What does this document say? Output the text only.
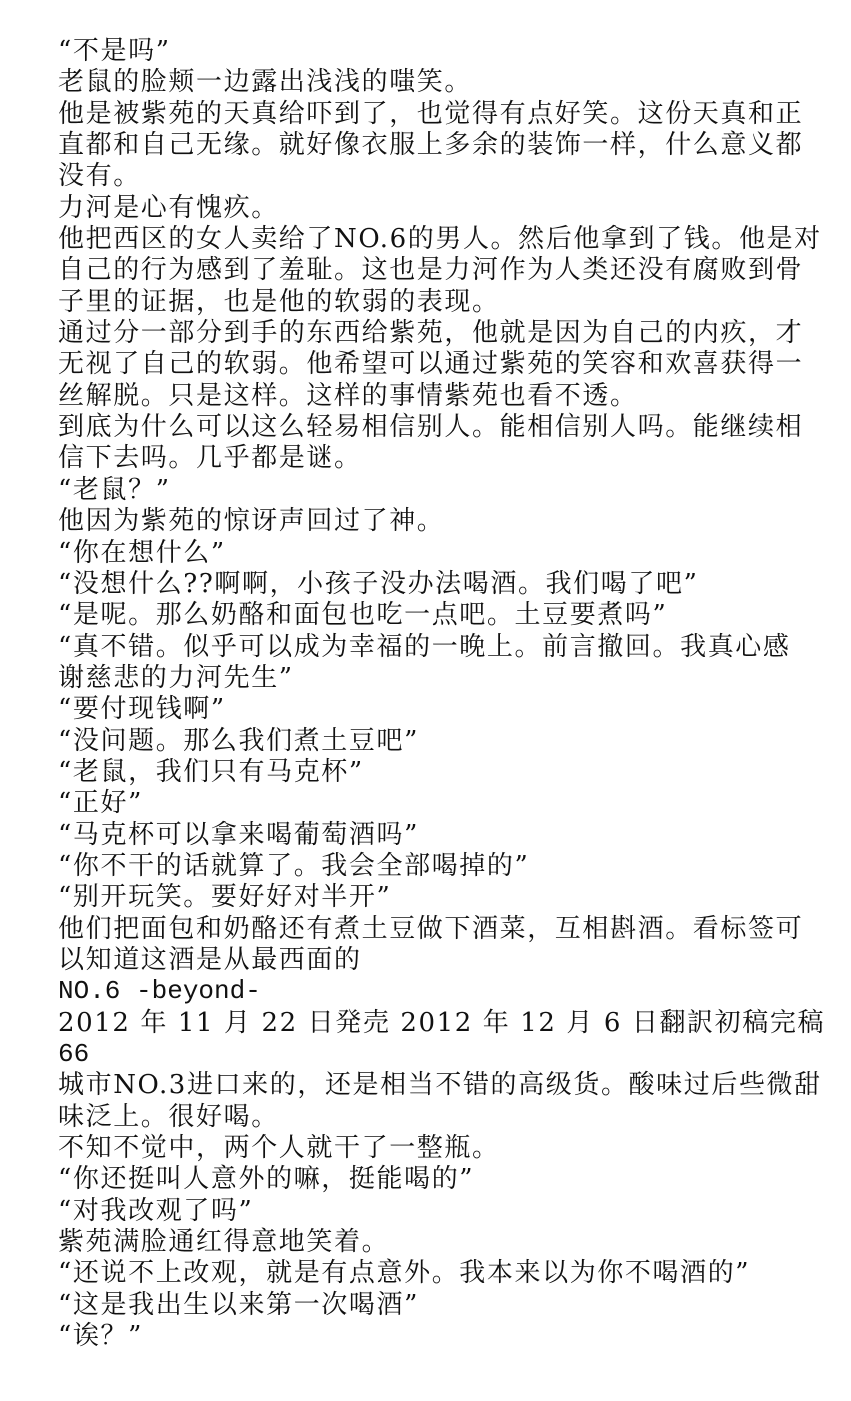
“不是吗”
老鼠的脸颊一边露出浅浅的嗤笑。
他是被紫苑的天真给吓到了，也觉得有点好笑。这份天真和正
直都和自己无缘。就好像衣服上多余的装饰一样，什么意义都
没有。
力河是心有愧疚。
他把西区的女人卖给了NO.6的男人。然后他拿到了钱。他是对
自己的行为感到了羞耻。这也是力河作为人类还没有腐败到骨
子里的证据，也是他的软弱的表现。
通过分一部分到手的东西给紫苑，他就是因为自己的内疚，才
无视了自己的软弱。他希望可以通过紫苑的笑容和欢喜获得一
丝解脱。只是这样。这样的事情紫苑也看不透。
到底为什么可以这么轻易相信别人。能相信别人吗。能继续相
信下去吗。几乎都是谜。
“老鼠？”
他因为紫苑的惊讶声回过了神。
“你在想什么”
“没想什么??啊啊，小孩子没办法喝酒。我们喝了吧”
“是呢。那么奶酪和面包也吃一点吧。土豆要煮吗”
“真不错。似乎可以成为幸福的一晚上。前言撤回。我真心感
谢慈悲的力河先生”
“要付现钱啊”
“没问题。那么我们煮土豆吧”
“老鼠，我们只有马克杯”
“正好”
“马克杯可以拿来喝葡萄酒吗”
“你不干的话就算了。我会全部喝掉的”
“别开玩笑。要好好对半开”
他们把面包和奶酪还有煮土豆做下酒菜，互相斟酒。看标签可
以知道这酒是从最西面的
NO.6 -beyond-
2012 年 11 月 22 日発売 2012 年 12 月 6 日翻訳初稿完稿
66
城市NO.3进口来的，还是相当不错的高级货。酸味过后些微甜
味泛上。很好喝。
不知不觉中，两个人就干了一整瓶。
“你还挺叫人意外的嘛，挺能喝的”
“对我改观了吗”
紫苑满脸通红得意地笑着。
“还说不上改观，就是有点意外。我本来以为你不喝酒的”
“这是我出生以来第一次喝酒”
“诶？”
